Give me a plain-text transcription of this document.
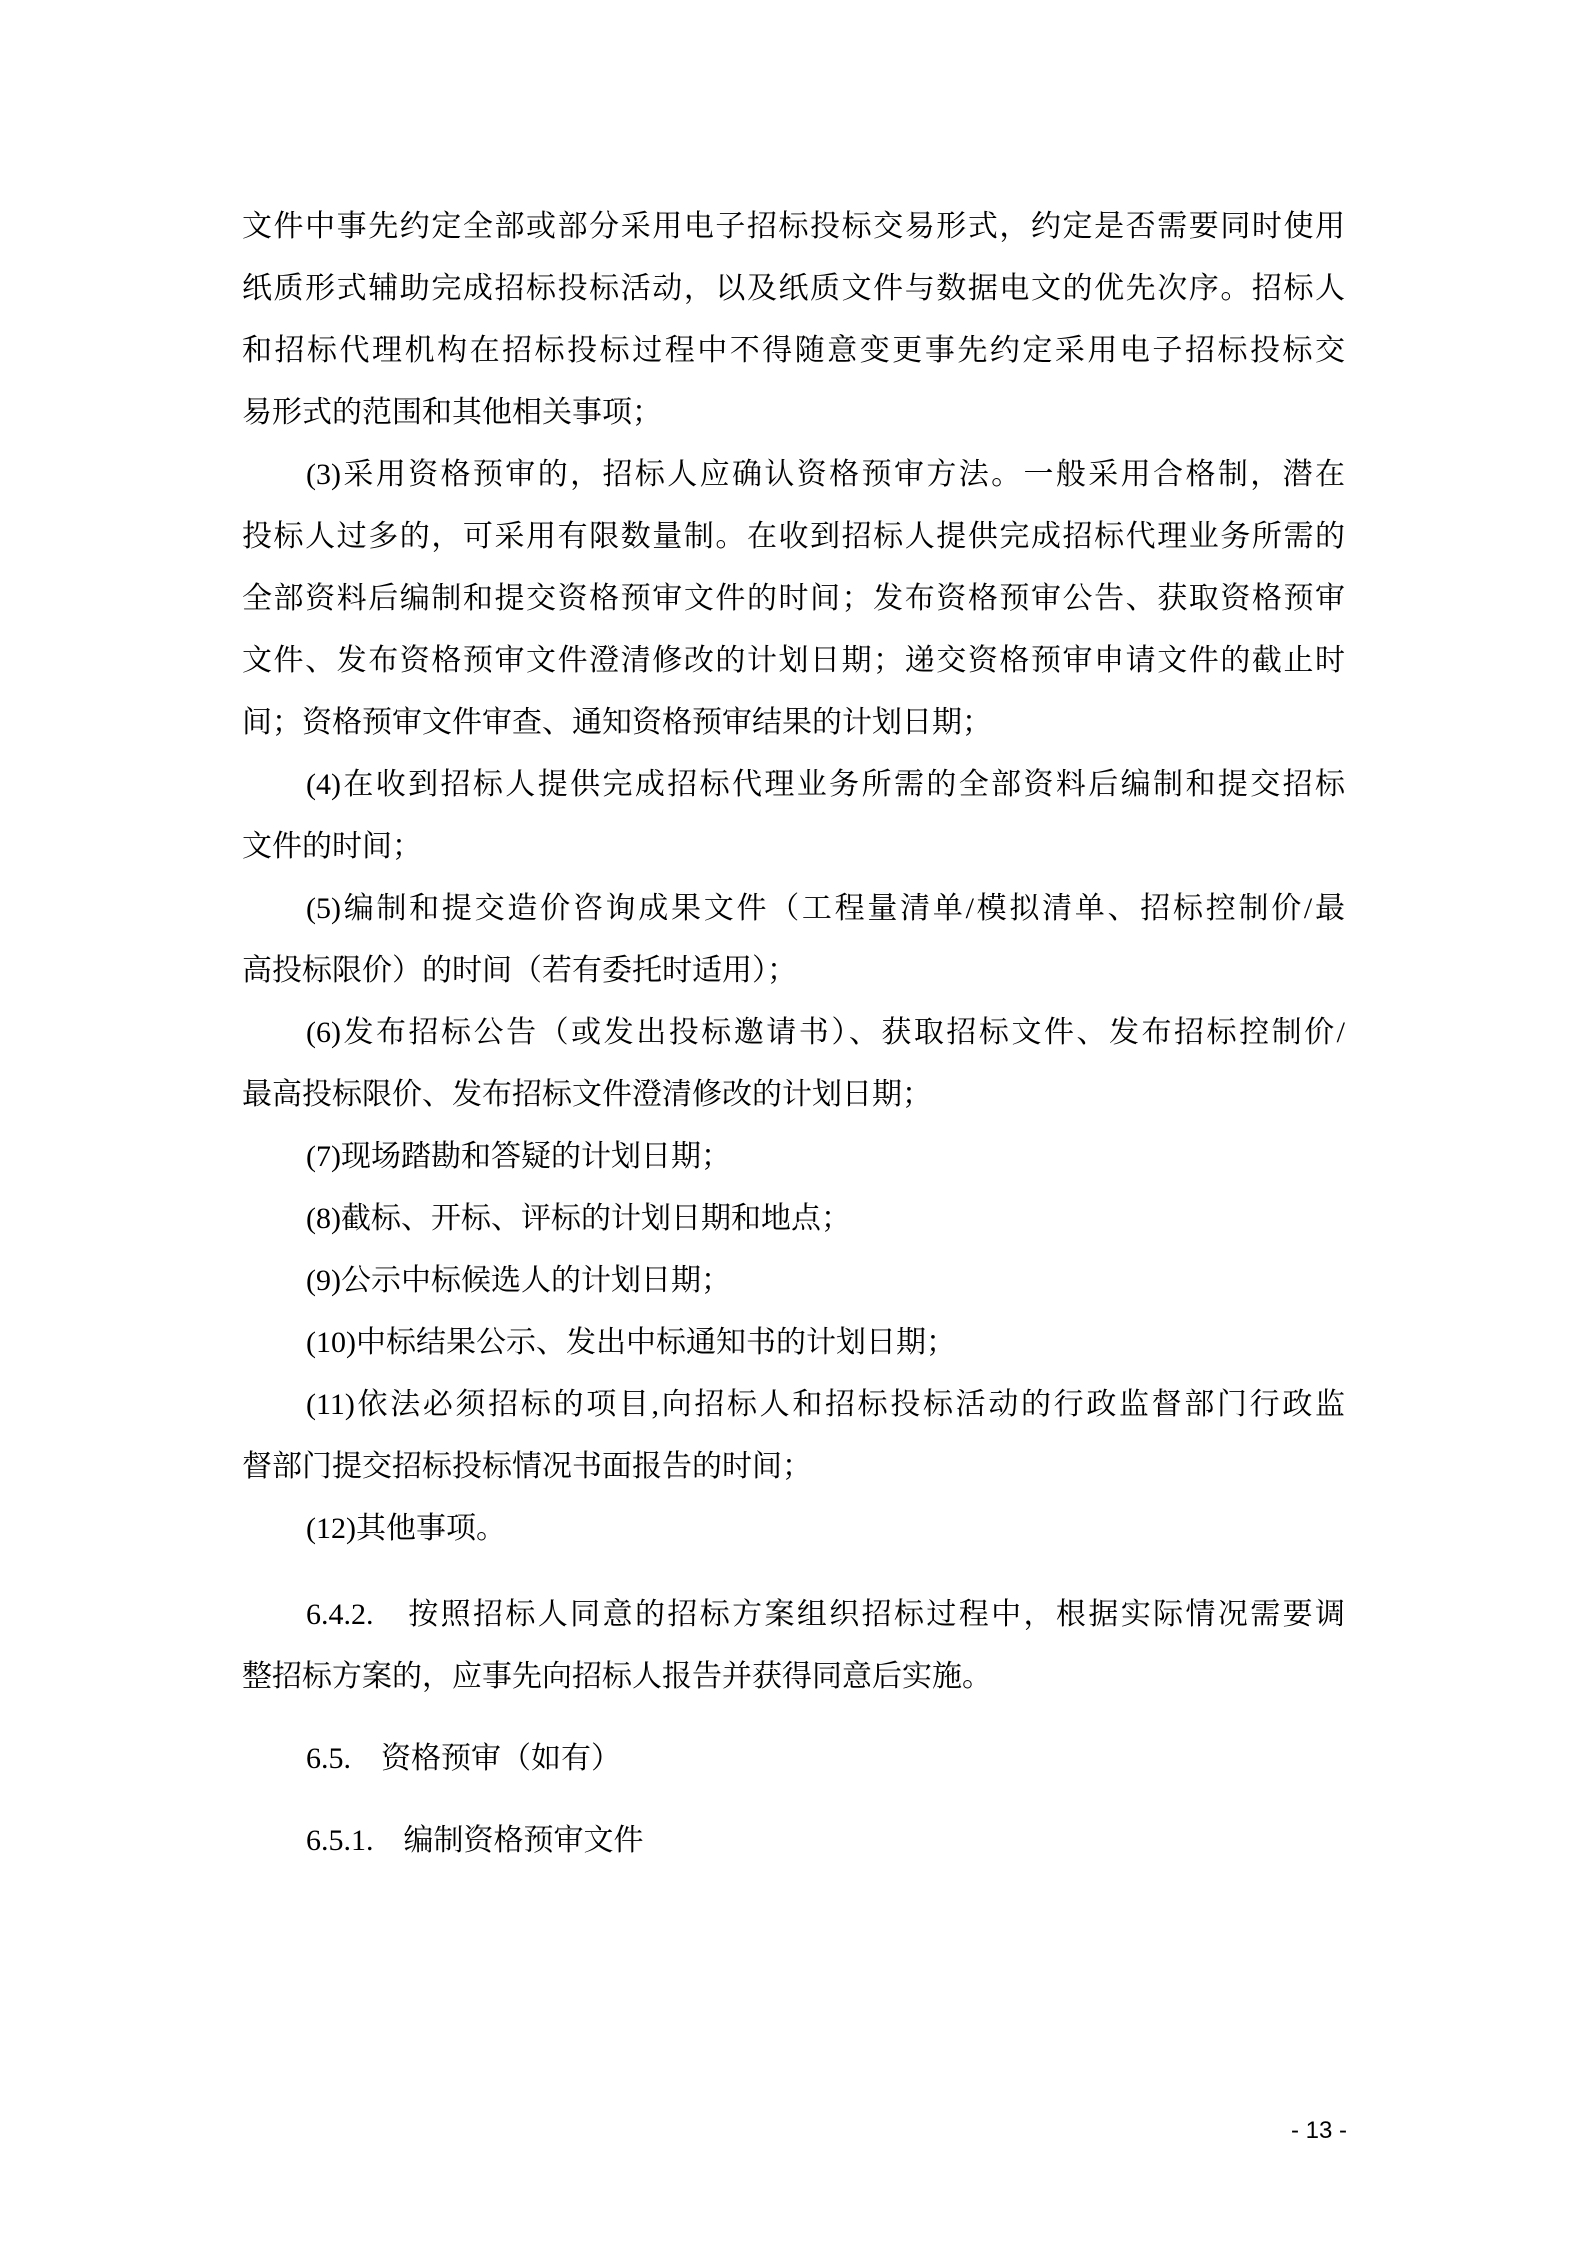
文件中事先约定全部或部分采用电子招标投标交易形式，约定是否需要同时使用
纸质形式辅助完成招标投标活动，以及纸质文件与数据电文的优先次序。招标人
和招标代理机构在招标投标过程中不得随意变更事先约定采用电子招标投标交
易形式的范围和其他相关事项；
(3)采用资格预审的，招标人应确认资格预审方法。一般采用合格制，潜在
投标人过多的，可采用有限数量制。在收到招标人提供完成招标代理业务所需的
全部资料后编制和提交资格预审文件的时间；发布资格预审公告、获取资格预审
文件、发布资格预审文件澄清修改的计划日期；递交资格预审申请文件的截止时
间；资格预审文件审查、通知资格预审结果的计划日期；
(4)在收到招标人提供完成招标代理业务所需的全部资料后编制和提交招标
文件的时间；
(5)编制和提交造价咨询成果文件（工程量清单/模拟清单、招标控制价/最
高投标限价）的时间（若有委托时适用）；
(6)发布招标公告（或发出投标邀请书）、获取招标文件、发布招标控制价/
最高投标限价、发布招标文件澄清修改的计划日期；
(7)现场踏勘和答疑的计划日期；
(8)截标、开标、评标的计划日期和地点；
(9)公示中标候选人的计划日期；
(10)中标结果公示、发出中标通知书的计划日期；
(11)依法必须招标的项目,向招标人和招标投标活动的行政监督部门行政监
督部门提交招标投标情况书面报告的时间；
(12)其他事项。
6.4.2.　按照招标人同意的招标方案组织招标过程中，根据实际情况需要调
整招标方案的，应事先向招标人报告并获得同意后实施。
6.5.　资格预审（如有）
6.5.1.　编制资格预审文件
- 13 -
